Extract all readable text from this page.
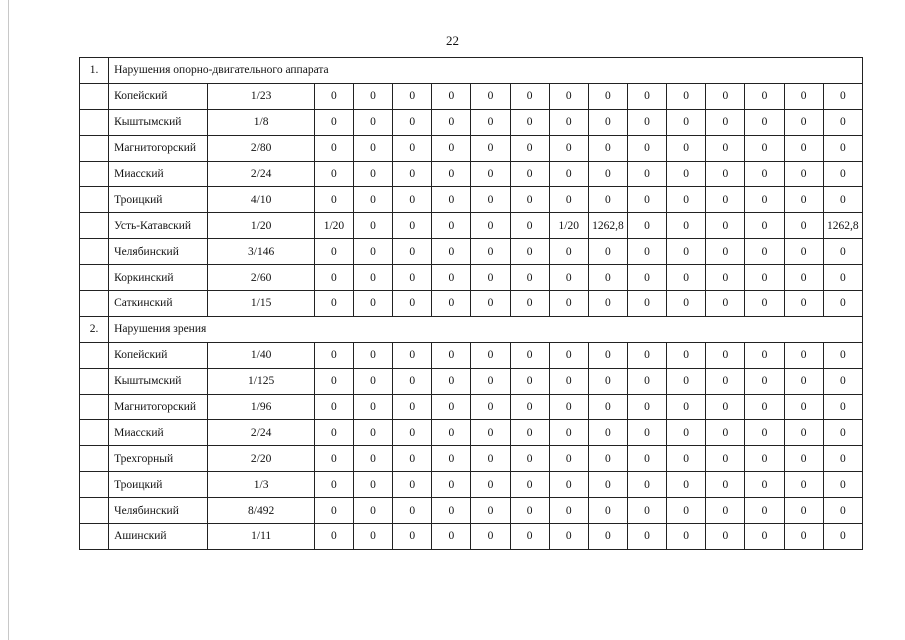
22
1.	Нарушения опорно-двигательного аппарата															
	Копейский	1/23	0	0	0	0	0	0	0	0	0	0	0	0	0	0
	Кыштымский	1/8	0	0	0	0	0	0	0	0	0	0	0	0	0	0
	Магнитогорский	2/80	0	0	0	0	0	0	0	0	0	0	0	0	0	0
	Миасский	2/24	0	0	0	0	0	0	0	0	0	0	0	0	0	0
	Троицкий	4/10	0	0	0	0	0	0	0	0	0	0	0	0	0	0
	Усть-Катавский	1/20	1/20	0	0	0	0	0	1/20	1262,8	0	0	0	0	0	1262,8
	Челябинский	3/146	0	0	0	0	0	0	0	0	0	0	0	0	0	0
	Коркинский	2/60	0	0	0	0	0	0	0	0	0	0	0	0	0	0
	Саткинский	1/15	0	0	0	0	0	0	0	0	0	0	0	0	0	0
2.	Нарушения зрения															
	Копейский	1/40	0	0	0	0	0	0	0	0	0	0	0	0	0	0
	Кыштымский	1/125	0	0	0	0	0	0	0	0	0	0	0	0	0	0
	Магнитогорский	1/96	0	0	0	0	0	0	0	0	0	0	0	0	0	0
	Миасский	2/24	0	0	0	0	0	0	0	0	0	0	0	0	0	0
	Трехгорный	2/20	0	0	0	0	0	0	0	0	0	0	0	0	0	0
	Троицкий	1/3	0	0	0	0	0	0	0	0	0	0	0	0	0	0
	Челябинский	8/492	0	0	0	0	0	0	0	0	0	0	0	0	0	0
	Ашинский	1/11	0	0	0	0	0	0	0	0	0	0	0	0	0	0
